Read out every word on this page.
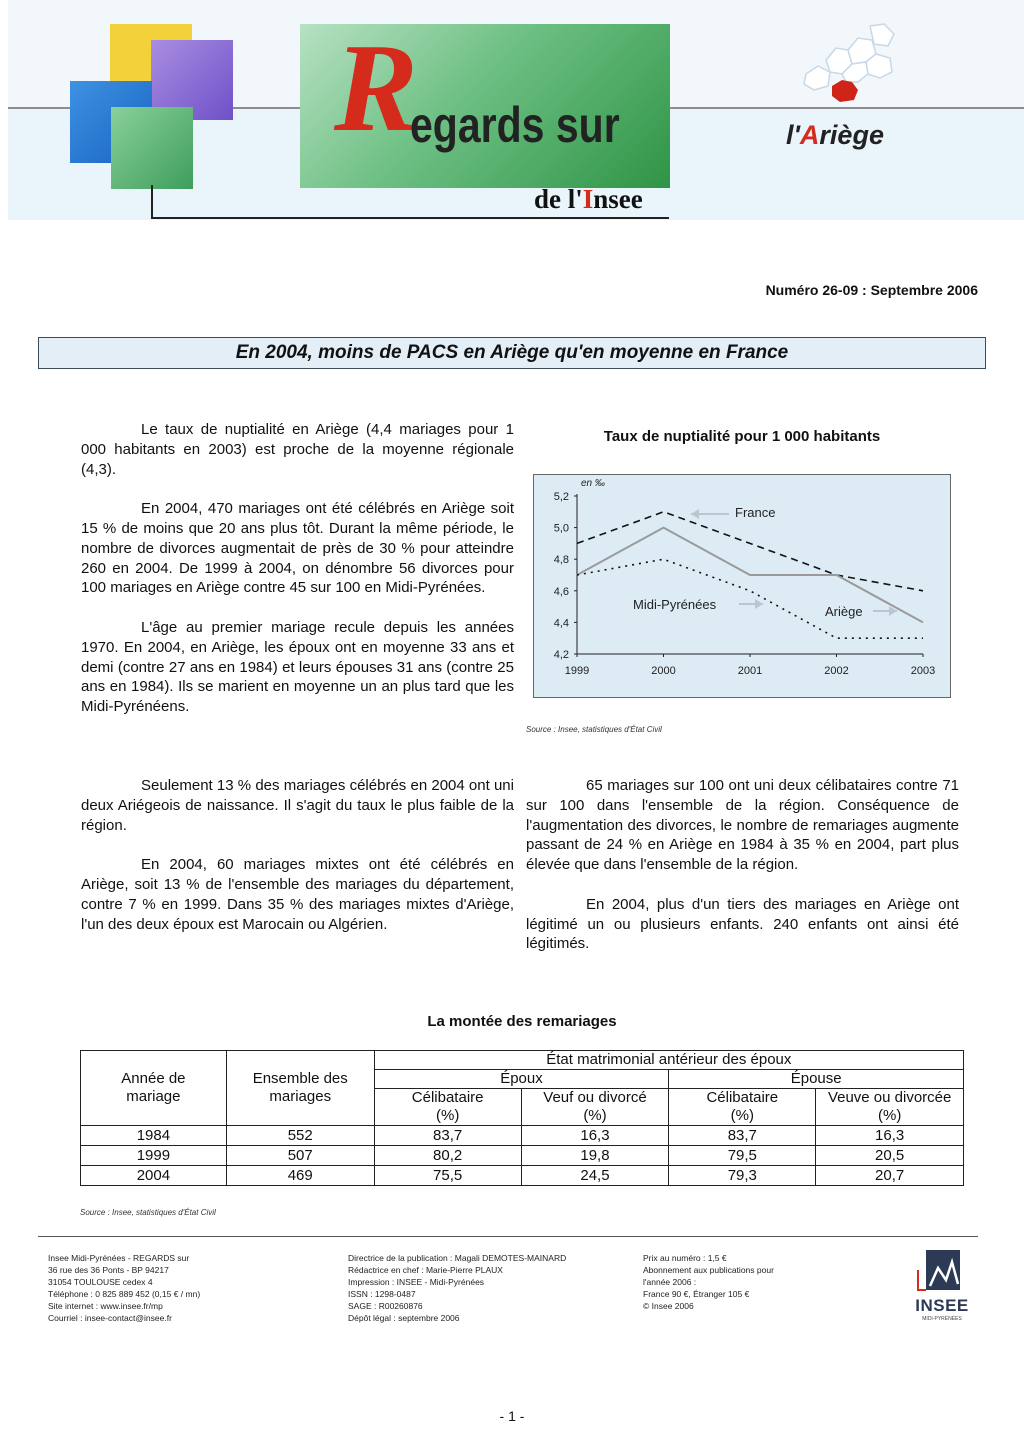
R
egards sur
de l'Insee
l'Ariège
Numéro 26-09 : Septembre 2006
En 2004, moins de PACS en Ariège qu'en moyenne en France

Le taux de nuptialité en Ariège (4,4 mariages pour 1 000 habitants en 2003) est proche de la moyenne régionale (4,3).

En 2004, 470 mariages ont été célébrés en Ariège soit 15 % de moins que 20 ans plus tôt. Durant la même période, le nombre de divorces augmentait de près de 30 % pour atteindre 260 en 2004. De 1999 à 2004, on dénombre 56 divorces pour 100 mariages en Ariège contre 45 sur 100 en Midi-Pyrénées.

L'âge au premier mariage recule depuis les années 1970. En 2004, en Ariège, les époux ont en moyenne 33 ans et demi (contre 27 ans en 1984) et leurs épouses 31 ans (contre 25 ans en 1984). Ils se marient en moyenne un an plus tard que les Midi-Pyrénéens.

Seulement 13 % des mariages célébrés en 2004 ont uni deux Ariégeois de naissance. Il s'agit du taux le plus faible de la région.

En 2004, 60 mariages mixtes ont été célébrés en Ariège, soit 13 % de l'ensemble des mariages du département, contre 7 % en 1999. Dans 35 % des mariages mixtes d'Ariège, l'un des deux époux est Marocain ou Algérien.

65 mariages sur 100 ont uni deux célibataires contre 71 sur 100 dans l'ensemble de la région. Conséquence de l'augmentation des divorces, le nombre de remariages augmente passant de 24 % en Ariège en 1984 à 35 % en 2004, part plus élevée que dans l'ensemble de la région.

En 2004, plus d'un tiers des mariages en Ariège ont légitimé un ou plusieurs enfants. 240 enfants ont ainsi été légitimés.

Taux de nuptialité pour 1 000 habitants
4,2
4,4
4,6
4,8
5,0
5,2
en ‰
1999	2000	2001	2002	2003
France
Midi-Pyrénées	Ariège
Source : Insee, statistiques d'État Civil
La montée des remariages
Année de mariage	Ensemble des mariages	État matrimonial antérieur des époux			
		Époux		Épouse	
		Célibataire (%)	Veuf ou divorcé (%)	Célibataire (%)	Veuve ou divorcée (%)
1984	552	83,7	16,3	83,7	16,3
1999	507	80,2	19,8	79,5	20,5
2004	469	75,5	24,5	79,3	20,7
Source : Insee, statistiques d'État Civil
Insee Midi-Pyrénées - REGARDS sur
36 rue des 36 Ponts - BP 94217
31054 TOULOUSE cedex 4
Téléphone : 0 825 889 452 (0,15 € / mn)
Site internet : www.insee.fr/mp
Courriel : insee-contact@insee.fr
Directrice de la publication : Magali DEMOTES-MAINARD
Rédactrice en chef : Marie-Pierre PLAUX
Impression : INSEE - Midi-Pyrénées
ISSN : 1298-0487
SAGE : R00260876
Dépôt légal : septembre 2006
Prix au numéro : 1,5 €
Abonnement aux publications pour
l'année 2006 :
France 90 €, Étranger 105 €
© Insee 2006	INSEE
MIDI-PYRÉNÉES
- 1 -
